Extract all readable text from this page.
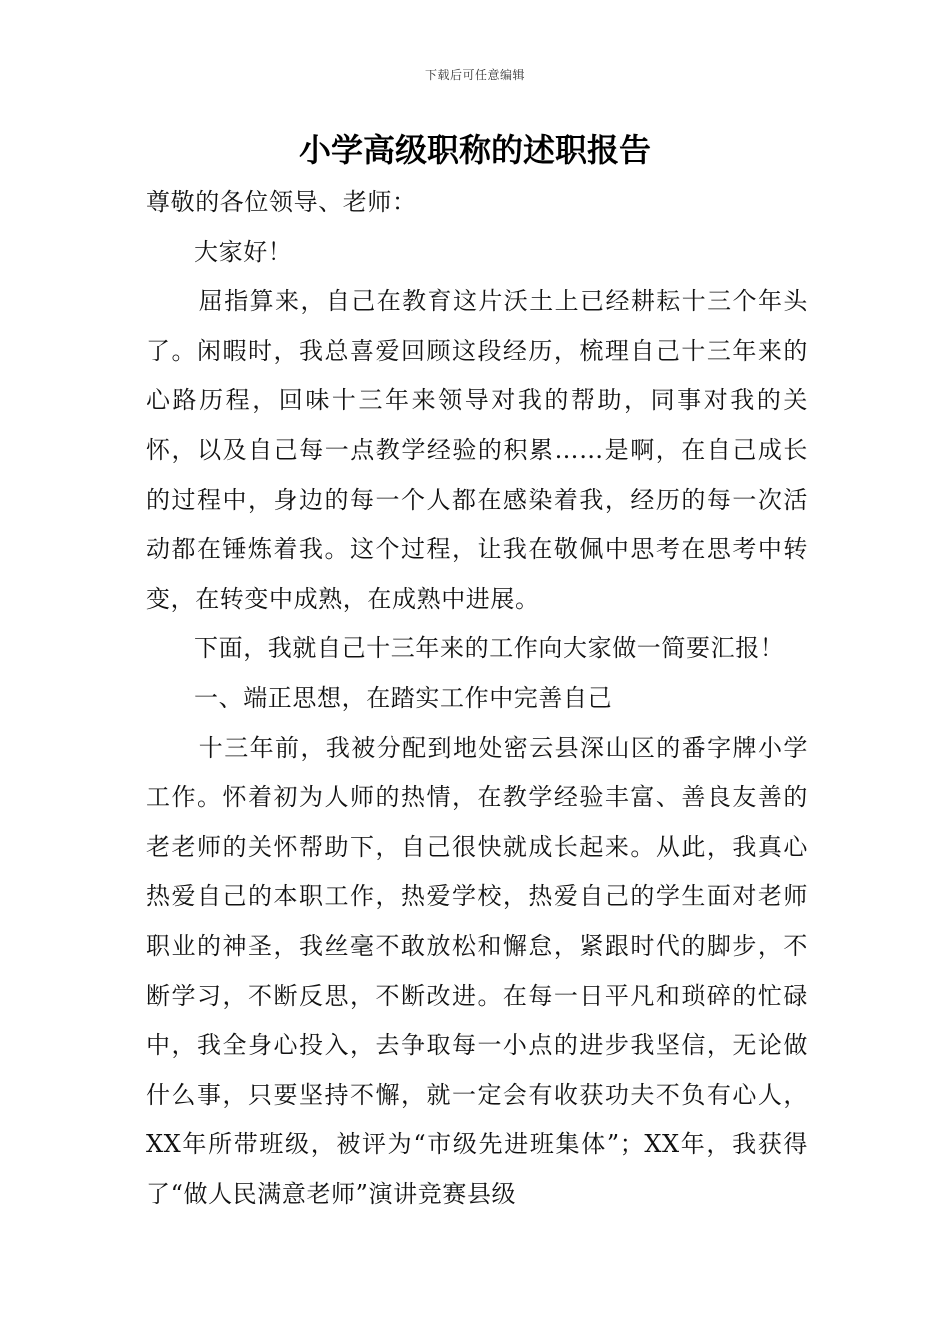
下载后可任意编辑
小学高级职称的述职报告

尊敬的各位领导、老师：

大家好！

屈指算来，自己在教育这片沃土上已经耕耘十三个年头了。闲暇时，我总喜爱回顾这段经历，梳理自己十三年来的心路历程，回味十三年来领导对我的帮助，同事对我的关怀，以及自己每一点教学经验的积累……是啊，在自己成长的过程中，身边的每一个人都在感染着我，经历的每一次活动都在锤炼着我。这个过程，让我在敬佩中思考在思考中转变，在转变中成熟，在成熟中进展。

下面，我就自己十三年来的工作向大家做一简要汇报！

一、端正思想，在踏实工作中完善自己

十三年前，我被分配到地处密云县深山区的番字牌小学工作。怀着初为人师的热情，在教学经验丰富、善良友善的老老师的关怀帮助下，自己很快就成长起来。从此，我真心热爱自己的本职工作，热爱学校，热爱自己的学生面对老师职业的神圣，我丝毫不敢放松和懈怠，紧跟时代的脚步，不断学习，不断反思，不断改进。在每一日平凡和琐碎的忙碌中，我全身心投入，去争取每一小点的进步我坚信，无论做什么事，只要坚持不懈，就一定会有收获功夫不负有心人，XX年所带班级，被评为“市级先进班集体”；XX年，我获得了“做人民满意老师”演讲竞赛县级
